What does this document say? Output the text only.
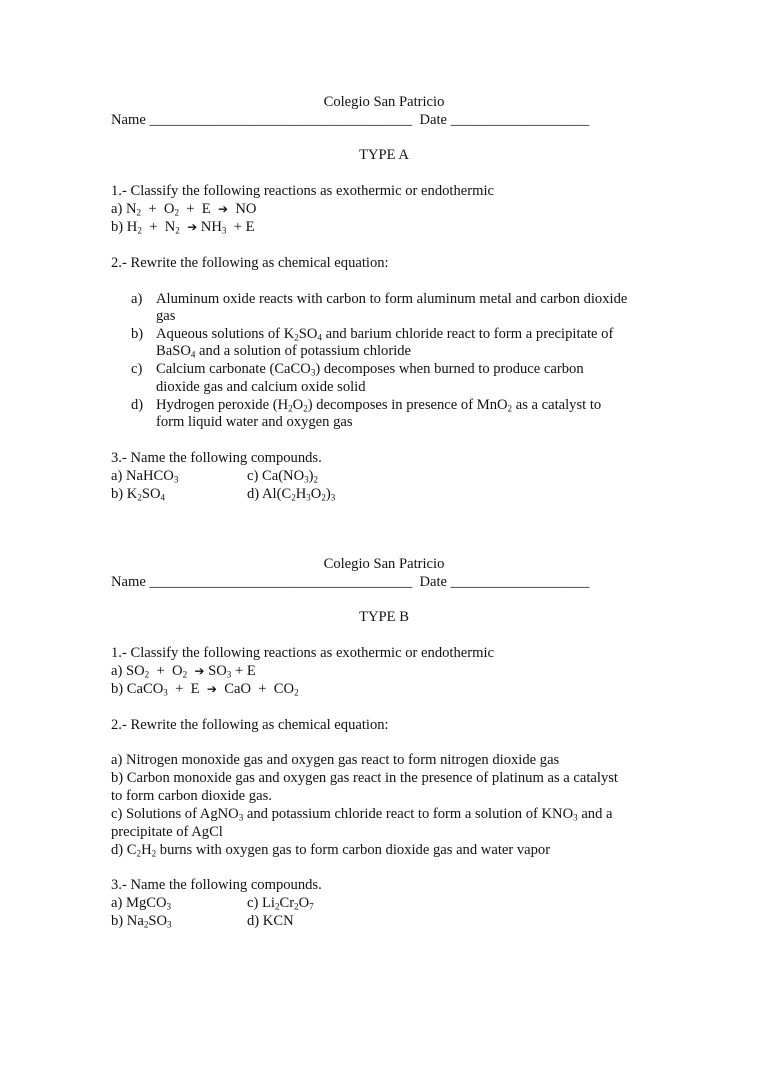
Colegio San Patricio
Name ____________________________________  Date ___________________
TYPE A
1.- Classify the following reactions as exothermic or endothermic
a) $N_2 + O_2 + E$  ➔  NO
b) $H_2 + N_2$ ➔ $NH_3 + E$
2.- Rewrite the following as chemical equation:
a) Aluminum oxide reacts with carbon to form aluminum metal and carbon dioxide
gas
b) Aqueous solutions of $K_2SO_4$ and barium chloride react to form a precipitate of
BaSO$_4$ and a solution of potassium chloride
c) Calcium carbonate (CaCO$_3$) decomposes when burned to produce carbon
dioxide gas and calcium oxide solid
d) Hydrogen peroxide $(H_2O_2)$ decomposes in presence of MnO$_2$ as a catalyst to
form liquid water and oxygen gas
3.- Name the following compounds.
a) NaHCO$_3$	c) $Ca(NO_3)_2$
b) $K_2SO_4$	d) $Al(C_2H_3O_2)_3$
Colegio San Patricio
Name ____________________________________  Date ___________________
TYPE B
1.- Classify the following reactions as exothermic or endothermic
a) $SO_2 + O_2$ ➔ $SO_3 + E$
b) CaCO$_3$  +  E  ➔  CaO  +  $CO_2$
2.- Rewrite the following as chemical equation:
a) Nitrogen monoxide gas and oxygen gas react to form nitrogen dioxide gas
b) Carbon monoxide gas and oxygen gas react in the presence of platinum as a catalyst
to form carbon dioxide gas.
c) Solutions of AgNO$_3$ and potassium chloride react to form a solution of $KNO_3$ and a
precipitate of AgCl
d) $C_2H_2$ burns with oxygen gas to form carbon dioxide gas and water vapor
3.- Name the following compounds.
a) MgCO$_3$	c) $Li_2Cr_2O_7$
b) $Na_2SO_3$	d) KCN
